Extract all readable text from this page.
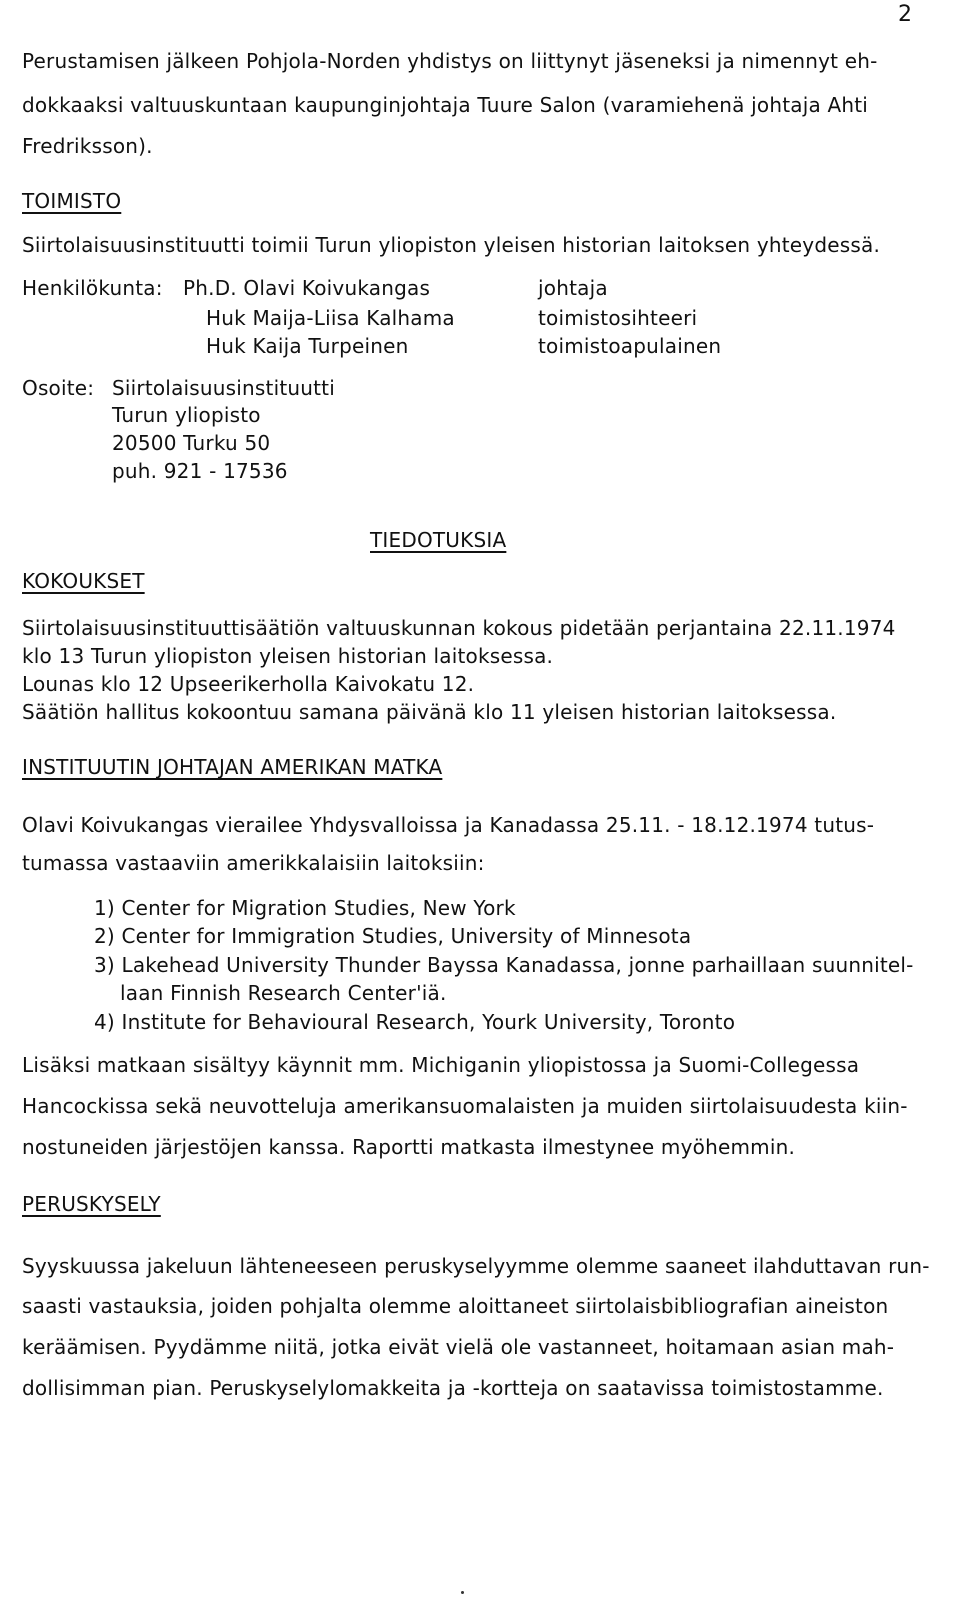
2
Perustamisen jälkeen Pohjola-Norden yhdistys on liittynyt jäseneksi ja nimennyt eh-
dokkaaksi valtuuskuntaan kaupunginjohtaja Tuure Salon (varamiehenä johtaja Ahti
Fredriksson).
TOIMISTO
Siirtolaisuusinstituutti toimii Turun yliopiston yleisen historian laitoksen yhteydessä.
Henkilökunta: Ph.D. Olavi Koivukangas	johtaja
Huk Maija-Liisa Kalhama	toimistosihteeri
Huk Kaija Turpeinen	toimistoapulainen
Osoite: Siirtolaisuusinstituutti
Turun yliopisto
20500 Turku 50
puh. 921 - 17536
TIEDOTUKSIA
KOKOUKSET
Siirtolaisuusinstituuttisäätiön valtuuskunnan kokous pidetään perjantaina 22.11.1974
klo 13 Turun yliopiston yleisen historian laitoksessa.
Lounas klo 12 Upseerikerholla Kaivokatu 12.
Säätiön hallitus kokoontuu samana päivänä klo 11 yleisen historian laitoksessa.
INSTITUUTIN JOHTAJAN AMERIKAN MATKA
Olavi Koivukangas vierailee Yhdysvalloissa ja Kanadassa 25.11. - 18.12.1974 tutus-
tumassa vastaaviin amerikkalaisiin laitoksiin:
1) Center for Migration Studies, New York
2) Center for Immigration Studies, University of Minnesota
3) Lakehead University Thunder Bayssa Kanadassa, jonne parhaillaan suunnitel-
laan Finnish Research Center'iä.
4) Institute for Behavioural Research, Yourk University, Toronto
Lisäksi matkaan sisältyy käynnit mm. Michiganin yliopistossa ja Suomi-Collegessa
Hancockissa sekä neuvotteluja amerikansuomalaisten ja muiden siirtolaisuudesta kiin-
nostuneiden järjestöjen kanssa. Raportti matkasta ilmestynee myöhemmin.
PERUSKYSELY
Syyskuussa jakeluun lähteneeseen peruskyselyymme olemme saaneet ilahduttavan run-
saasti vastauksia, joiden pohjalta olemme aloittaneet siirtolaisbibliografian aineiston
keräämisen. Pyydämme niitä, jotka eivät vielä ole vastanneet, hoitamaan asian mah-
dollisimman pian. Peruskyselylomakkeita ja -kortteja on saatavissa toimistostamme.
